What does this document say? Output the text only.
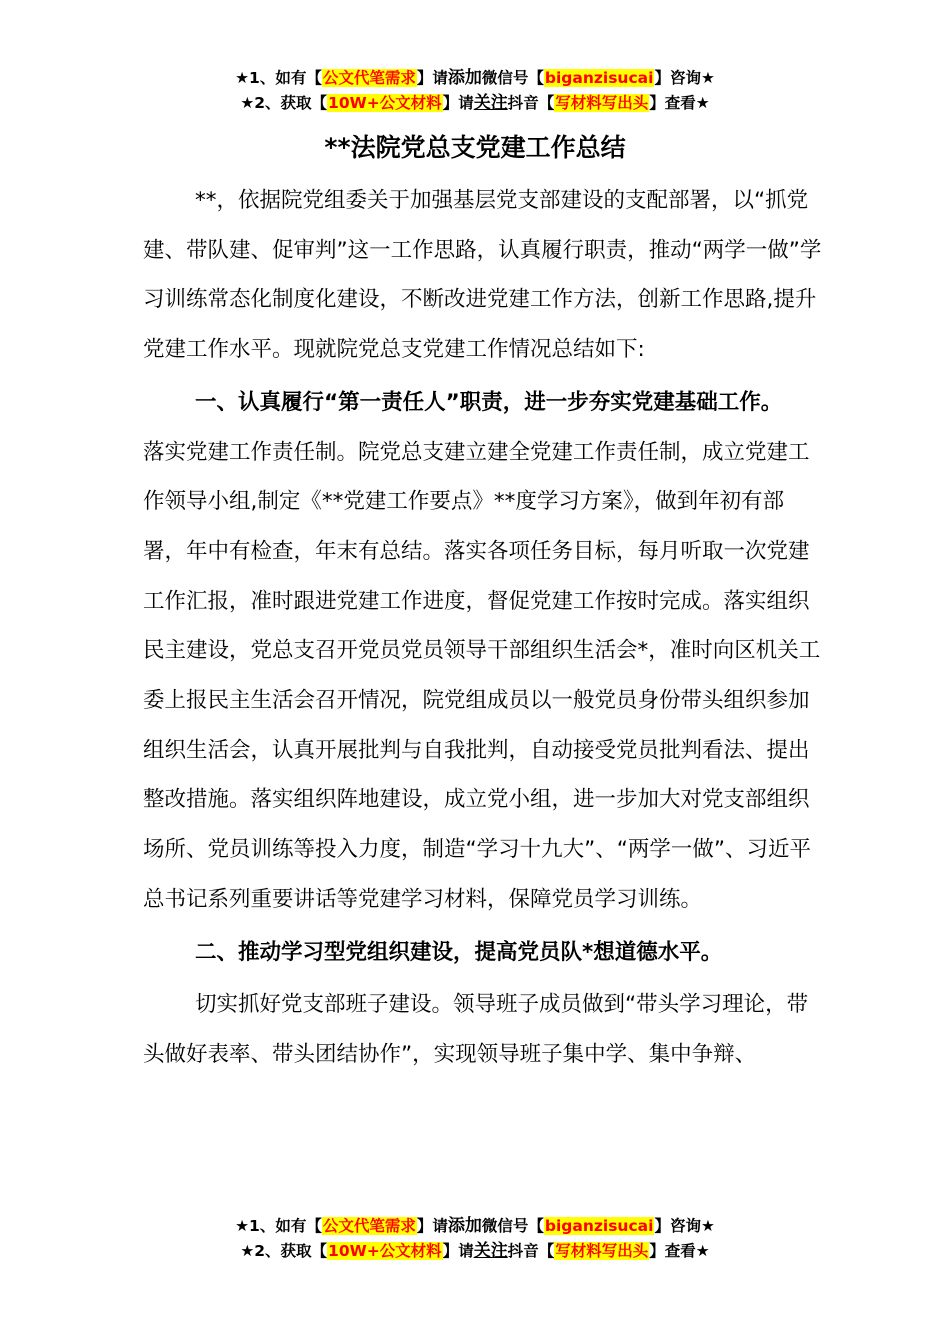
★1、如有【公文代笔需求】请添加微信号【biganzisucai】咨询★
★2、获取【10W+公文材料】请关注抖音【写材料写出头】查看★
**法院党总支党建工作总结

**，依据院党组委关于加强基层党支部建设的支配部署，以“抓党建、带队建、促审判”这一工作思路，认真履行职责，推动“两学一做”学习训练常态化制度化建设，不断改进党建工作方法，创新工作思路,提升党建工作水平。现就院党总支党建工作情况总结如下:

一、认真履行“第一责任人”职责，进一步夯实党建基础工作。

落实党建工作责任制。院党总支建立建全党建工作责任制，成立党建工作领导小组,制定《**党建工作要点》**度学习方案》，做到年初有部署，年中有检查，年末有总结。落实各项任务目标，每月听取一次党建工作汇报，准时跟进党建工作进度，督促党建工作按时完成。落实组织民主建设，党总支召开党员党员领导干部组织生活会*，准时向区机关工委上报民主生活会召开情况，院党组成员以一般党员身份带头组织参加组织生活会，认真开展批判与自我批判，自动接受党员批判看法、提出整改措施。落实组织阵地建设，成立党小组，进一步加大对党支部组织场所、党员训练等投入力度，制造“学习十九大”、“两学一做”、习近平总书记系列重要讲话等党建学习材料，保障党员学习训练。

二、推动学习型党组织建设，提高党员队*想道德水平。

切实抓好党支部班子建设。领导班子成员做到“带头学习理论，带头做好表率、带头团结协作”，实现领导班子集中学、集中争辩、

★1、如有【公文代笔需求】请添加微信号【biganzisucai】咨询★
★2、获取【10W+公文材料】请关注抖音【写材料写出头】查看★
